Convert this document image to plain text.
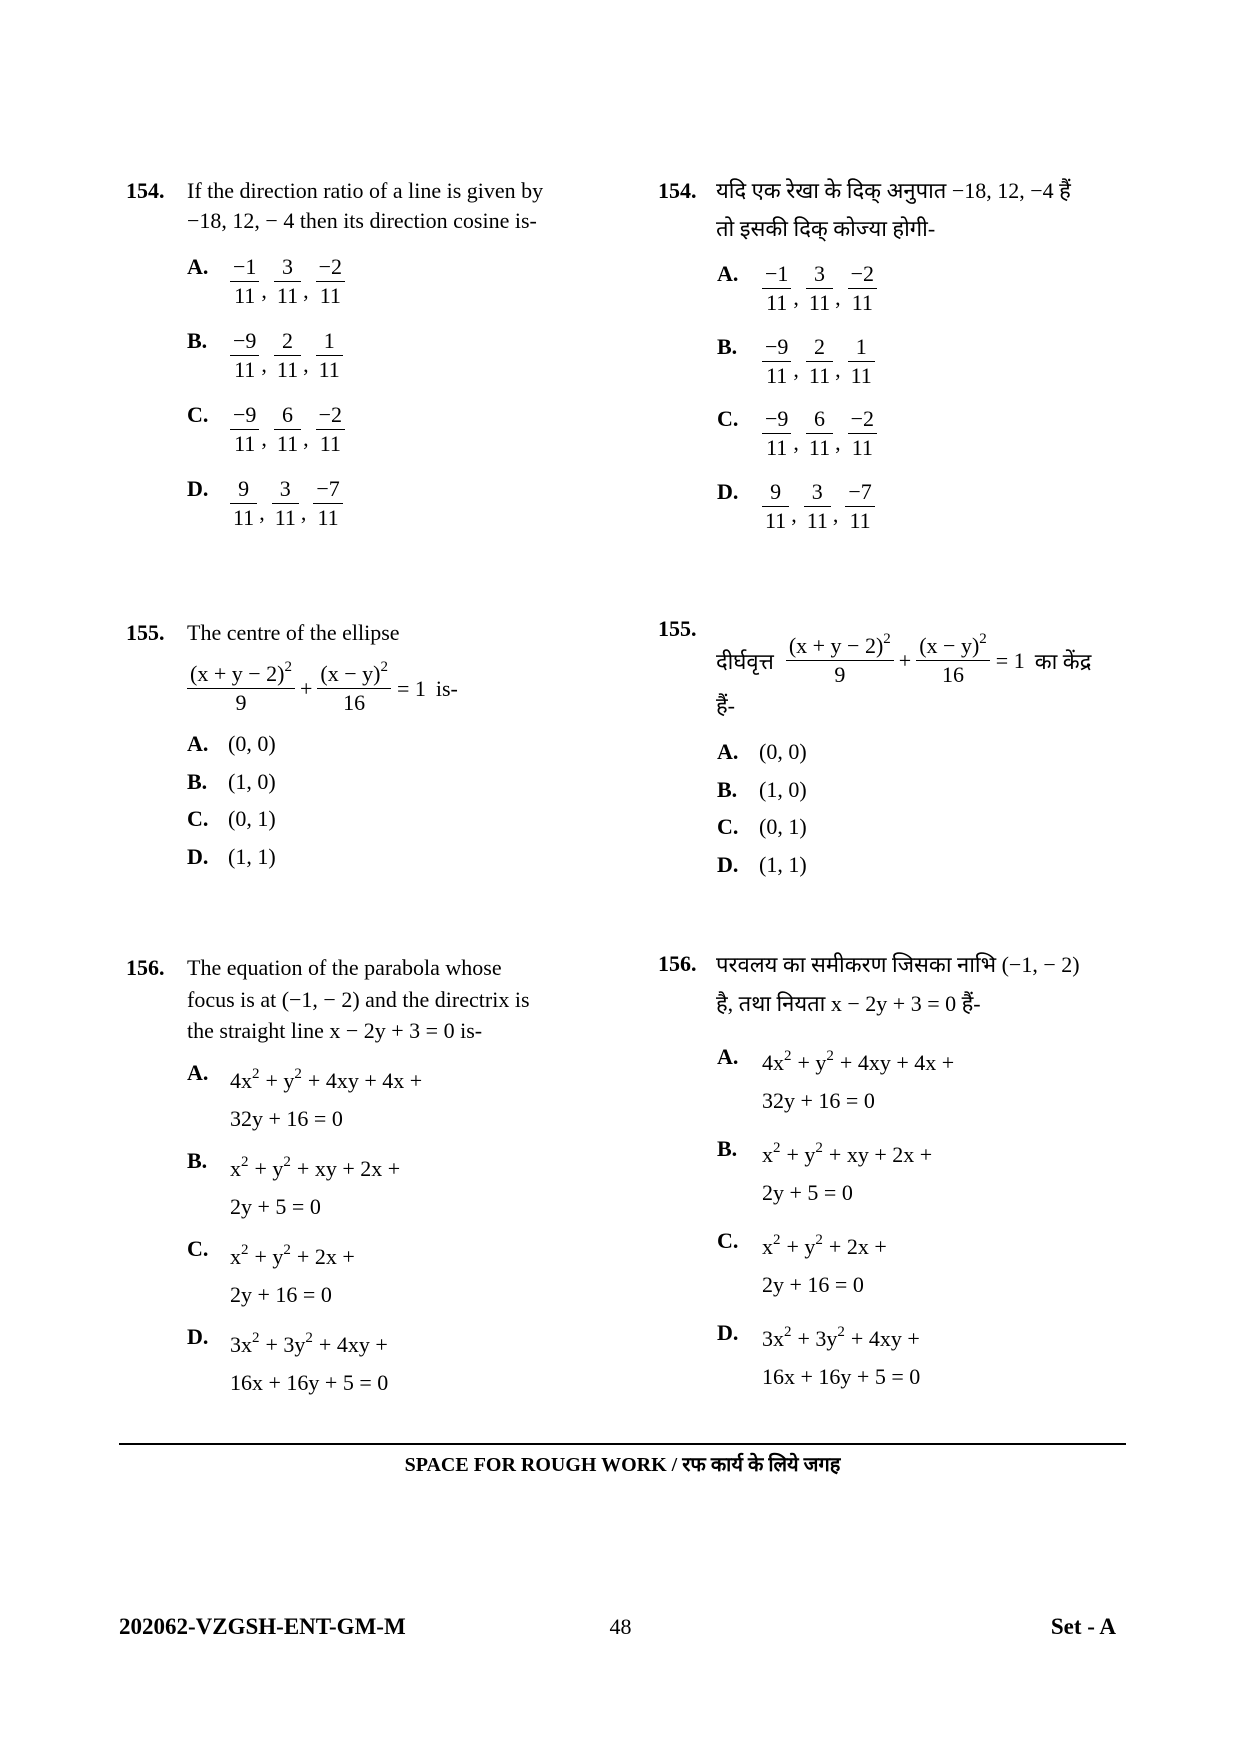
154. If the direction ratio of a line is given by
−18, 12, − 4 then its direction cosine is-
A. $\frac{-1}{11}$ , $\frac{3}{11}$ , $\frac{-2}{11}$
B.	$\frac{-9}{11}$ , $\frac{2}{11}$ , $\frac{1}{11}$
C. $\frac{-9}{11}$ , $\frac{6}{11}$ , $\frac{-2}{11}$
D. $\frac{9}{11}$ , $\frac{3}{11}$ , $\frac{-7}{11}$
154. यदि एक रेखा के दिक् अनुपात −18, 12, −4 हैं
तो इसकी दिक् कोज्या होगी-
A.	$\frac{-1}{11}$ , $\frac{3}{11}$ , $\frac{-2}{11}$
B.	$\frac{-9}{11}$ , $\frac{2}{11}$ , $\frac{1}{11}$
C.	$\frac{-9}{11}$ , $\frac{6}{11}$ , $\frac{-2}{11}$
D.	$\frac{9}{11}$ , $\frac{3}{11}$ , $\frac{-7}{11}$
155. The centre of the ellipse
$\frac{(x + y - 2)^2}{9} + \frac{(x - y)^2}{16} = 1$ is-
A. (0, 0)
B. (1, 0)
C. (0, 1)
D. (1, 1)
155.
दीर्घवृत्त $\frac{(x + y - 2)^2}{9} + \frac{(x - y)^2}{16} = 1$ का केंद्र
हैं-
A. (0, 0)
B. (1, 0)
C. (0, 1)
D. (1, 1)
156. The equation of the parabola whose
focus is at (−1, − 2) and the directrix is
the straight line x − 2y + 3 = 0 is-
A. $4x^2 + y^2 + 4xy + 4x$ +
32y + 16 = 0
B.	$x^2 + y^2$ + xy + 2x +
2y + 5 = 0
C. $x^2 + y^2 + 2x$ +
2y + 16 = 0
D. $3x^2 + 3y^2 + 4xy$ +
16x + 16y + 5 = 0
156. परवलय का समीकरण जिसका नाभि (−1, − 2)
है, तथा नियता x − 2y + 3 = 0 हैं-
A.	$4x^2 + y^2 + 4xy + 4x$ +
32y + 16 = 0
B.	$x^2 + y^2$ + xy + 2x +
2y + 5 = 0
C.	$x^2 + y^2 + 2x$ +
2y + 16 = 0
D.	$3x^2 + 3y^2 + 4xy$ +
16x + 16y + 5 = 0
SPACE FOR ROUGH WORK / रफ कार्य के लिये जगह
202062-VZGSH-ENT-GM-M	48	Set - A
